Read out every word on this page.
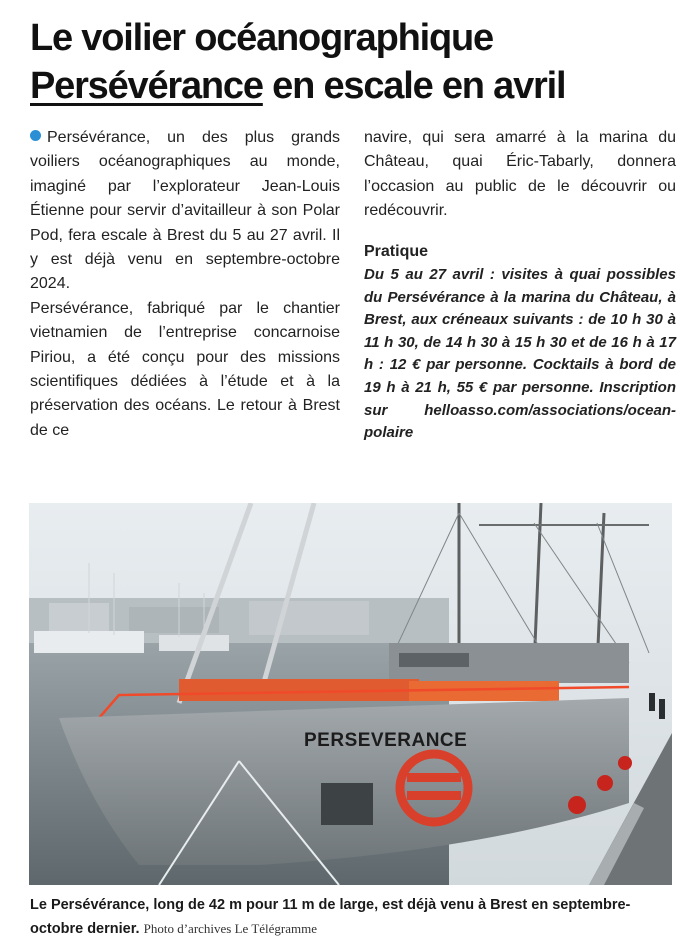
Le voilier océanographique
Persévérance en escale en avril

Persévérance, un des plus grands voiliers océanographiques au monde, imaginé par l’explorateur Jean-Louis Étienne pour servir d’avitailleur à son Polar Pod, fera escale à Brest du 5 au 27 avril. Il y est déjà venu en septembre-octobre 2024.

Persévérance, fabriqué par le chantier vietnamien de l’entreprise concarnoise Piriou, a été conçu pour des missions scientifiques dédiées à l’étude et à la préservation des océans. Le retour à Brest de ce

navire, qui sera amarré à la marina du Château, quai Éric-Tabarly, donnera l’occasion au public de le découvrir ou redécouvrir.

Pratique

Du 5 au 27 avril : visites à quai possibles du Persévérance à la marina du Château, à Brest, aux créneaux suivants : de 10 h 30 à 11 h 30, de 14 h 30 à 15 h 30 et de 16 h à 17 h : 12 € par personne. Cocktails à bord de 19 h à 21 h, 55 € par personne. Inscription sur helloasso.com/associations/ocean-polaire

PERSEVERANCE
Le Persévérance, long de 42 m pour 11 m de large, est déjà venu à Brest en septembre-octobre dernier. Photo d’archives Le Télégramme
